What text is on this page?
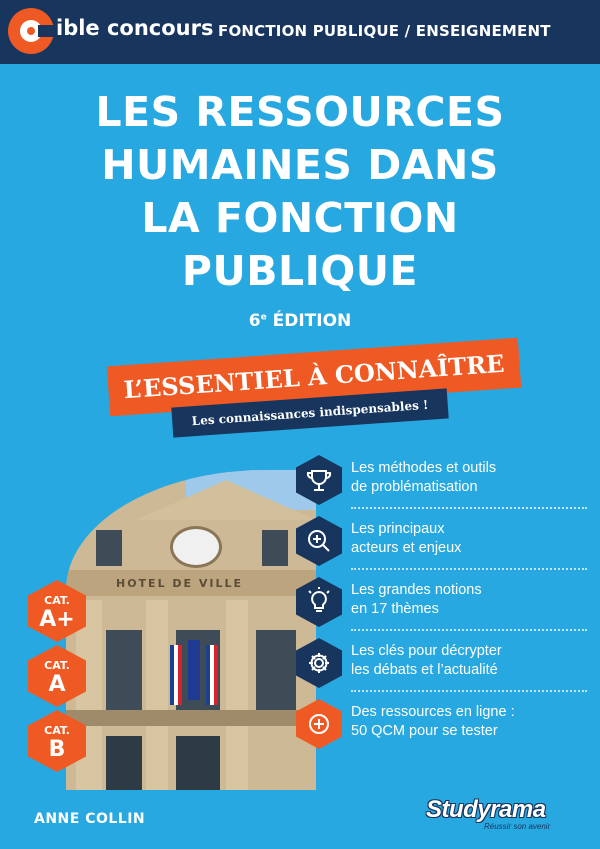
ible concours FONCTION PUBLIQUE / ENSEIGNEMENT
LES RESSOURCES
HUMAINES DANS
LA FONCTION
PUBLIQUE
6e ÉDITION
L’ESSENTIEL À CONNAÎTRE
Les connaissances indispensables !
HOTEL DE VILLE
CAT.
A+
CAT.
A
CAT.
B
Les méthodes et outils
de problématisation
Les principaux
acteurs et enjeux
Les grandes notions
en 17 thèmes
Les clés pour décrypter
les débats et l’actualité
Des ressources en ligne :
50 QCM pour se tester
ANNE COLLIN	Studyrama
Réussir son avenir
